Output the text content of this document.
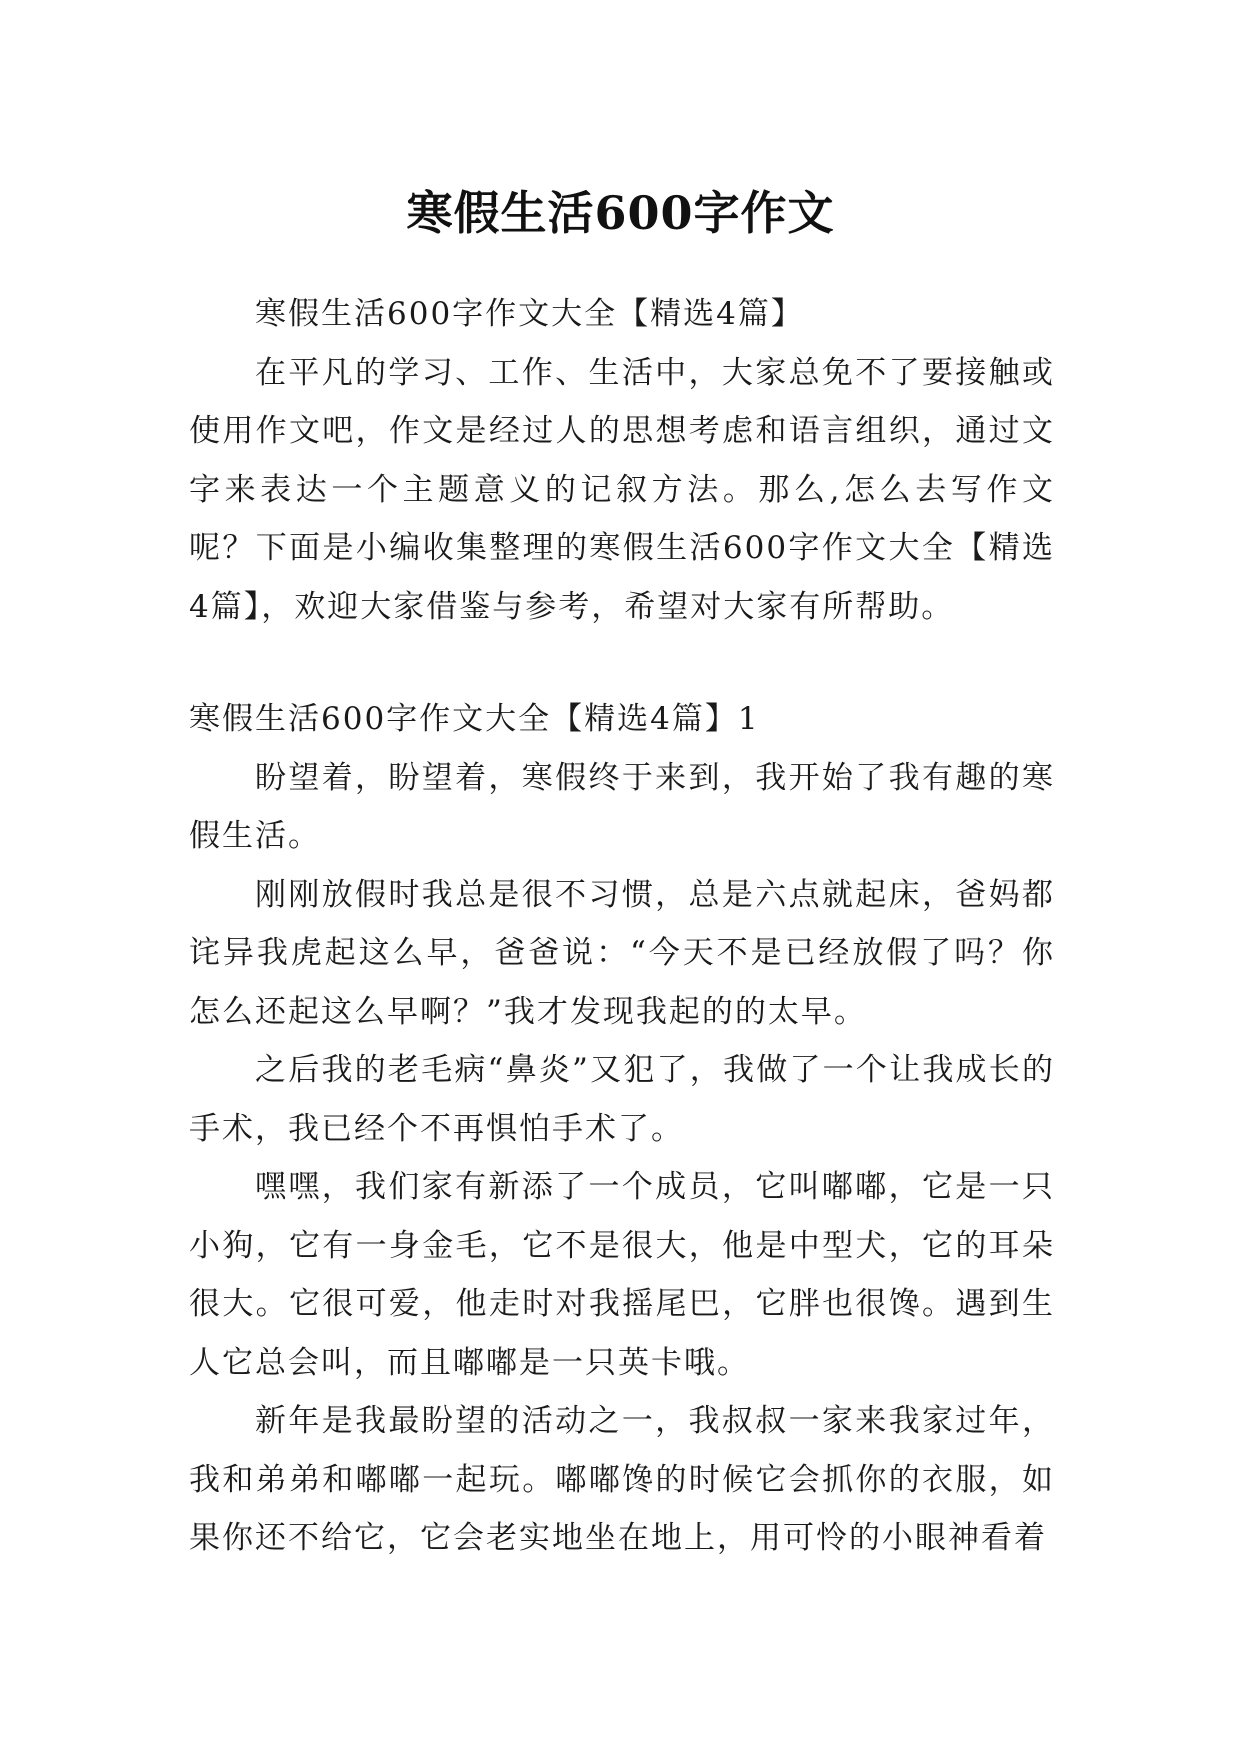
寒假生活600字作文

寒假生活600字作文大全【精选4篇】

在平凡的学习、工作、生活中，大家总免不了要接触或使用作文吧，作文是经过人的思想考虑和语言组织，通过文字来表达一个主题意义的记叙方法。那么,怎么去写作文呢？下面是小编收集整理的寒假生活600字作文大全【精选4篇】，欢迎大家借鉴与参考，希望对大家有所帮助。

寒假生活600字作文大全【精选4篇】1

盼望着，盼望着，寒假终于来到，我开始了我有趣的寒假生活。

刚刚放假时我总是很不习惯，总是六点就起床，爸妈都诧异我虎起这么早，爸爸说：“今天不是已经放假了吗？你怎么还起这么早啊？”我才发现我起的的太早。

之后我的老毛病“鼻炎”又犯了，我做了一个让我成长的手术，我已经个不再惧怕手术了。

嘿嘿，我们家有新添了一个成员，它叫嘟嘟，它是一只小狗，它有一身金毛，它不是很大，他是中型犬，它的耳朵很大。它很可爱，他走时对我摇尾巴，它胖也很馋。遇到生人它总会叫，而且嘟嘟是一只英卡哦。

新年是我最盼望的活动之一，我叔叔一家来我家过年，我和弟弟和嘟嘟一起玩。嘟嘟馋的时候它会抓你的衣服，如果你还不给它，它会老实地坐在地上，用可怜的小眼神看着
